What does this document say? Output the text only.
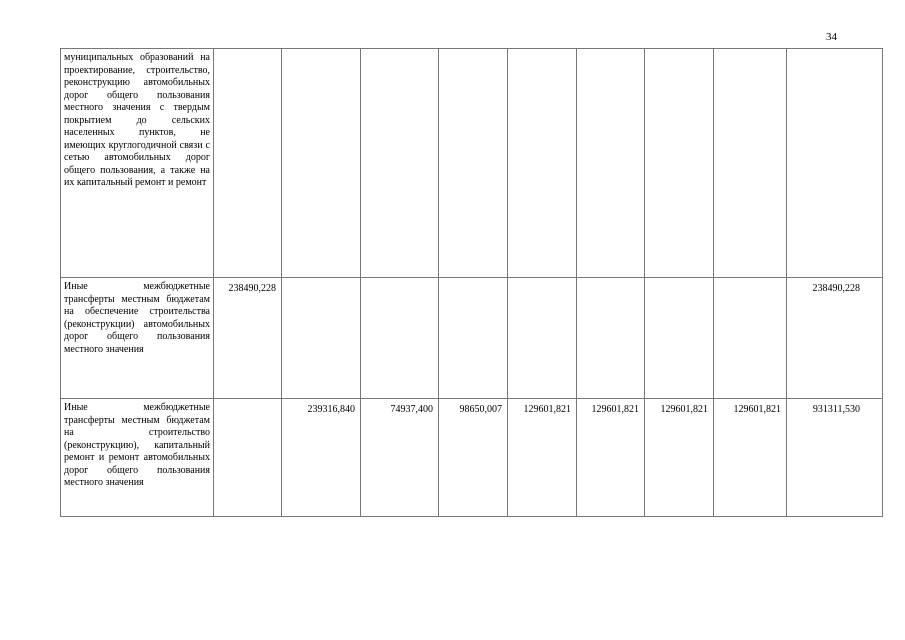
34
муниципальных образований на проектирование, строительство, реконструкцию автомобильных дорог общего пользования местного значения с твердым покрытием до сельских населенных пунктов, не имеющих круглогодичной связи с сетью автомобильных дорог общего пользования, а также на их капитальный ремонт и ремонт									

Иные межбюджетные трансферты местным бюджетам на обеспечение строительства (реконструкции) автомобильных дорог общего пользования местного значения	238490,228								238490,228

Иные межбюджетные трансферты местным бюджетам на строительство (реконструкцию), капитальный ремонт и ремонт автомобильных дорог общего пользования местного значения		239316,840	74937,400	98650,007	129601,821	129601,821	129601,821	129601,821	931311,530
